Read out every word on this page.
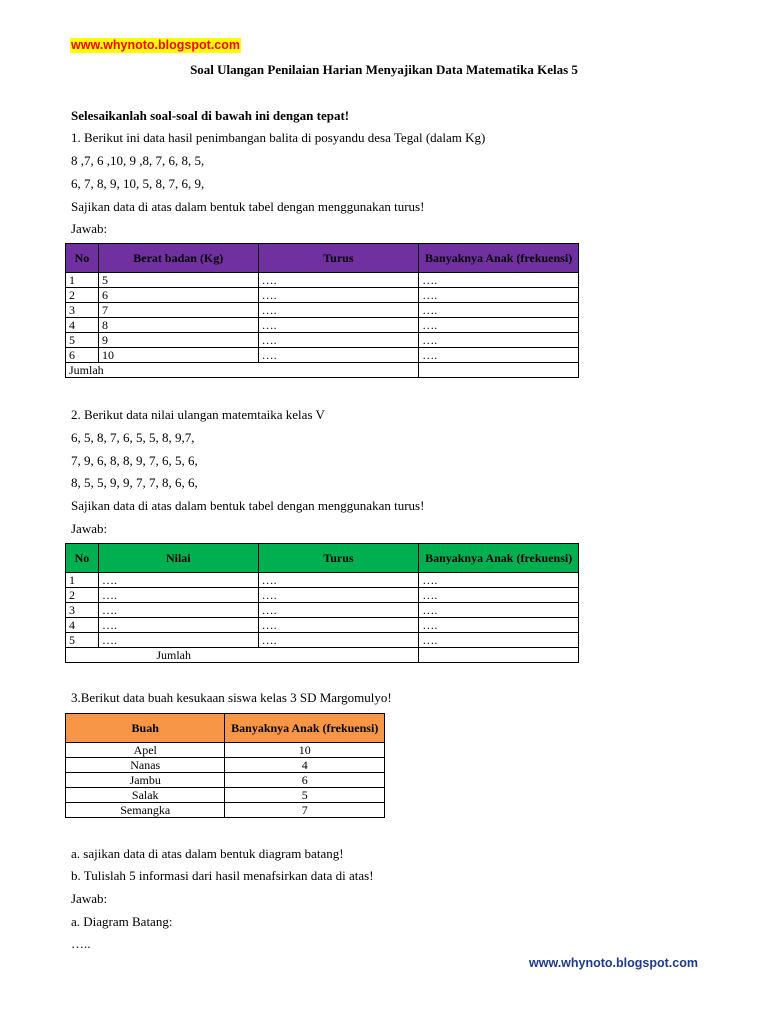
www.whynoto.blogspot.com
Soal Ulangan Penilaian Harian Menyajikan Data Matematika Kelas 5
Selesaikanlah soal-soal di bawah ini dengan tepat!
1. Berikut ini data hasil penimbangan balita di posyandu desa Tegal (dalam Kg)
8 ,7, 6 ,10, 9 ,8, 7, 6, 8, 5,
6, 7, 8, 9, 10, 5, 8, 7, 6, 9,
Sajikan data di atas dalam bentuk tabel dengan menggunakan turus!
Jawab:
No	Berat badan (Kg)	Turus	Banyaknya Anak (frekuensi)
1	5	….	….
2	6	….	….
3	7	….	….
4	8	….	….
5	9	….	….
6	10	….	….
Jumlah			
2. Berikut data nilai ulangan matemtaika kelas V
6, 5, 8, 7, 6, 5, 5, 8, 9,7,
7, 9, 6, 8, 8, 9, 7, 6, 5, 6,
8, 5, 5, 9, 9, 7, 7, 8, 6, 6,
Sajikan data di atas dalam bentuk tabel dengan menggunakan turus!
Jawab:
No	Nilai	Turus	Banyaknya Anak (frekuensi)
1	….	….	….
2	….	….	….
3	….	….	….
4	….	….	….
5	….	….	….
Jumlah			
3.Berikut data buah kesukaan siswa kelas 3 SD Margomulyo!
Buah	Banyaknya Anak (frekuensi)
Apel	10
Nanas	4
Jambu	6
Salak	5
Semangka	7
a. sajikan data di atas dalam bentuk diagram batang!
b. Tulislah 5 informasi dari hasil menafsirkan data di atas!
Jawab:
a. Diagram Batang:
…..
www.whynoto.blogspot.com
